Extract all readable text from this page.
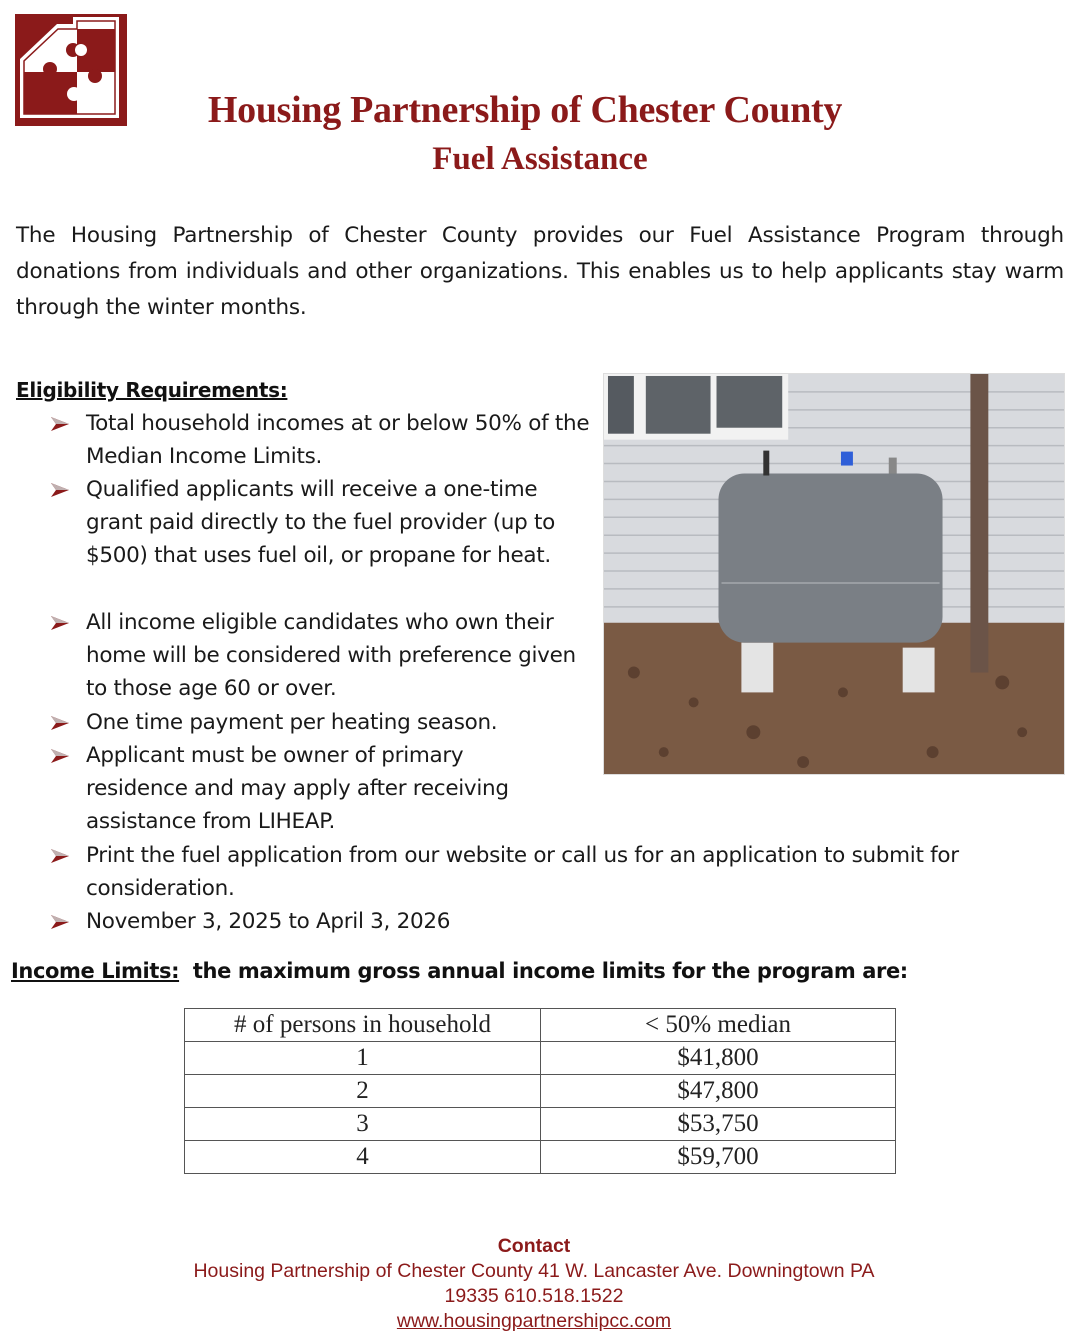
Housing Partnership of Chester County
Fuel Assistance

The Housing Partnership of Chester County provides our Fuel Assistance Program through donations from individuals and other organizations. This enables us to help applicants stay warm through the winter months.

Eligibility Requirements:
Total household incomes at or below 50% of the Median Income Limits.
Qualified applicants will receive a one-time grant paid directly to the fuel provider (up to $500) that uses fuel oil, or propane for heat.
All income eligible candidates who own their home will be considered with preference given to those age 60 or over.
One time payment per heating season.
Applicant must be owner of primary residence and may apply after receiving assistance from LIHEAP.
Print the fuel application from our website or call us for an application to submit for consideration.
November 3, 2025 to April 3, 2026
Income Limits: the maximum gross annual income limits for the program are:
# of persons in household	< 50% median
1	$41,800
2	$47,800
3	$53,750
4	$59,700
Contact
Housing Partnership of Chester County 41 W. Lancaster Ave. Downingtown PA
19335 610.518.1522
www.housingpartnershipcc.com
